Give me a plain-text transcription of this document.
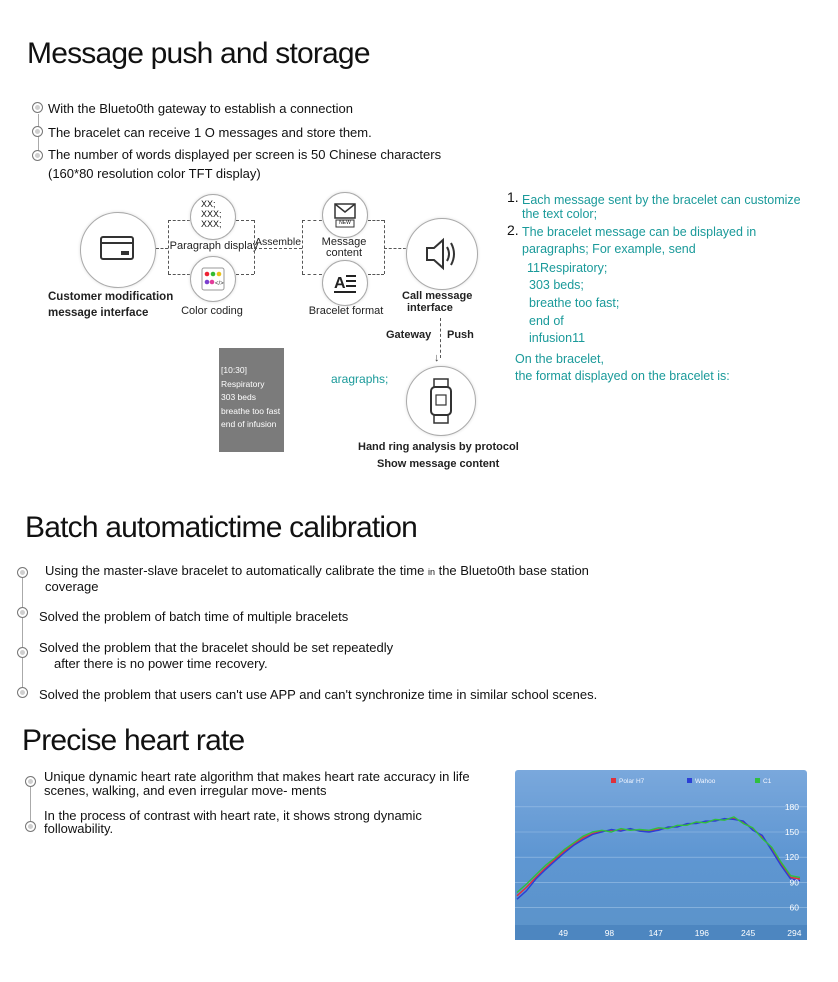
Message push and storage
With the Blueto0th gateway to establish a connection
The bracelet can receive 1 O messages and store them.
The number of words displayed per screen is 50 Chinese characters
(160*80 resolution color TFT display)
Customer modification
message interface
XX;
XXX;
XXX;
Paragraph display
</>
Color coding
Assemble
NEW
Message
content
A
Bracelet format
Call message
interface
Gateway Push
↓
Hand ring analysis by protocol
Show message content
aragraphs;
[10:30]
Respiratory
303 beds
breathe too fast
end of infusion
1. Each message sent by the bracelet can customize
the text color;
2. The bracelet message can be displayed in
paragraphs; For example, send
11Respiratory;
303 beds;
breathe too fast;
end of
infusion11
On the bracelet,
the format displayed on the bracelet is:
Batch automatictime calibration
Using the master-slave bracelet to automatically calibrate the time in the Blueto0th base station
coverage
Solved the problem of batch time of multiple bracelets
Solved the problem that the bracelet should be set repeatedly
after there is no power time recovery.
Solved the problem that users can't use APP and can't synchronize time in similar school scenes.
Precise heart rate
Unique dynamic heart rate algorithm that makes heart rate accuracy in life
scenes, walking, and even irregular move- ments
In the process of contrast with heart rate, it shows strong dynamic
followability.
60
90
120
150
180
49	98	147	196	245	294
Polar H7	Wahoo	C1
